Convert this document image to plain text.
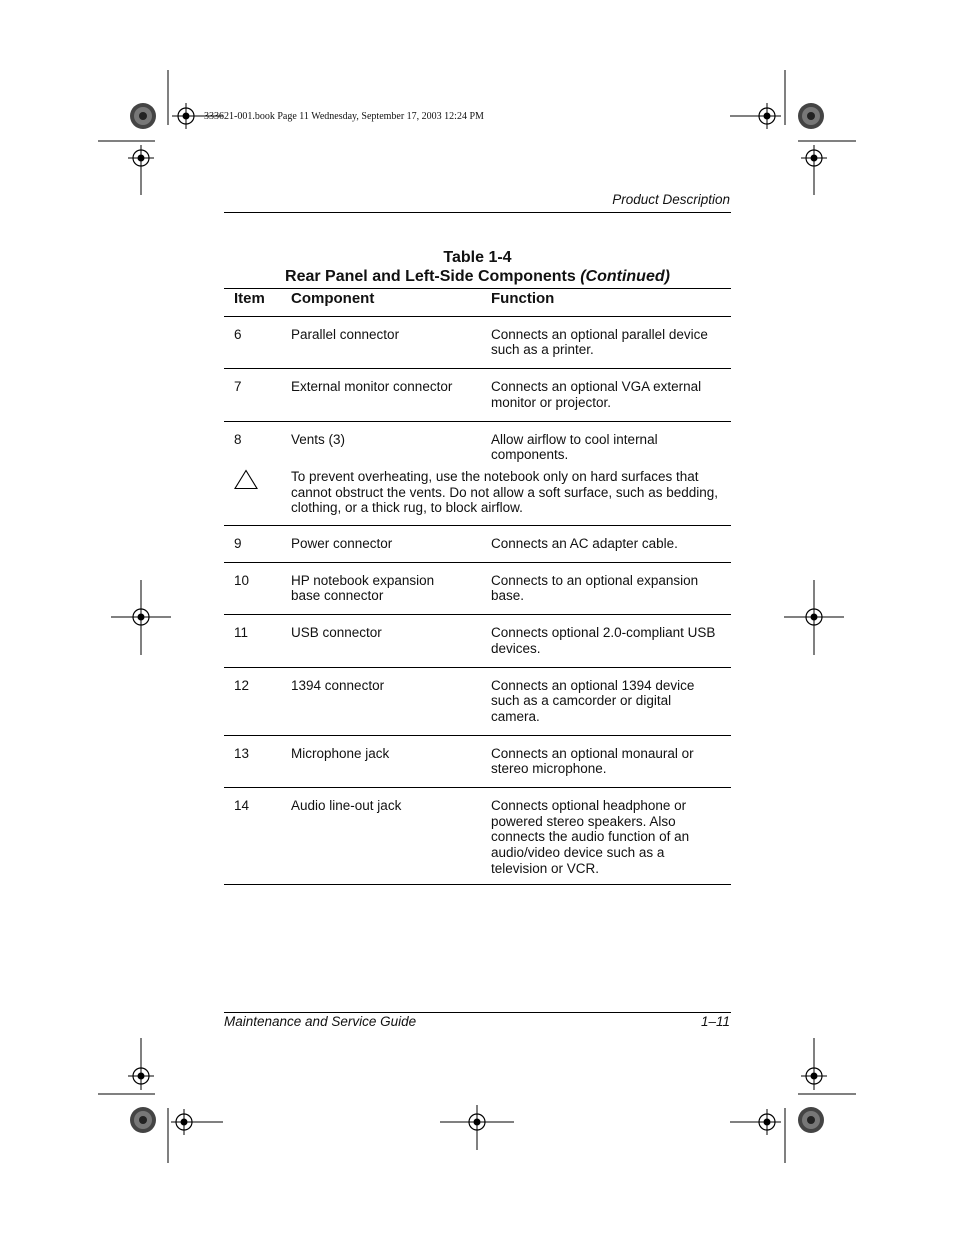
333621-001.book Page 11 Wednesday, September 17, 2003 12:24 PM
Product Description
Table 1-4
Rear Panel and Left-Side Components (Continued)
Item	Component	Function
6	Parallel connector	Connects an optional parallel device such as a printer.
7	External monitor connector	Connects an optional VGA external monitor or projector.
8	Vents (3)	Allow airflow to cool internal components.
	To prevent overheating, use the notebook only on hard surfaces that cannot obstruct the vents. Do not allow a soft surface, such as bedding, clothing, or a thick rug, to block airflow.	
9	Power connector	Connects an AC adapter cable.
10	HP notebook expansion base connector	Connects to an optional expansion base.
11	USB connector	Connects optional 2.0-compliant USB devices.
12	1394 connector	Connects an optional 1394 device such as a camcorder or digital camera.
13	Microphone jack	Connects an optional monaural or stereo microphone.
14	Audio line-out jack	Connects optional headphone or powered stereo speakers. Also connects the audio function of an audio/video device such as a television or VCR.
Maintenance and Service Guide	1–11
